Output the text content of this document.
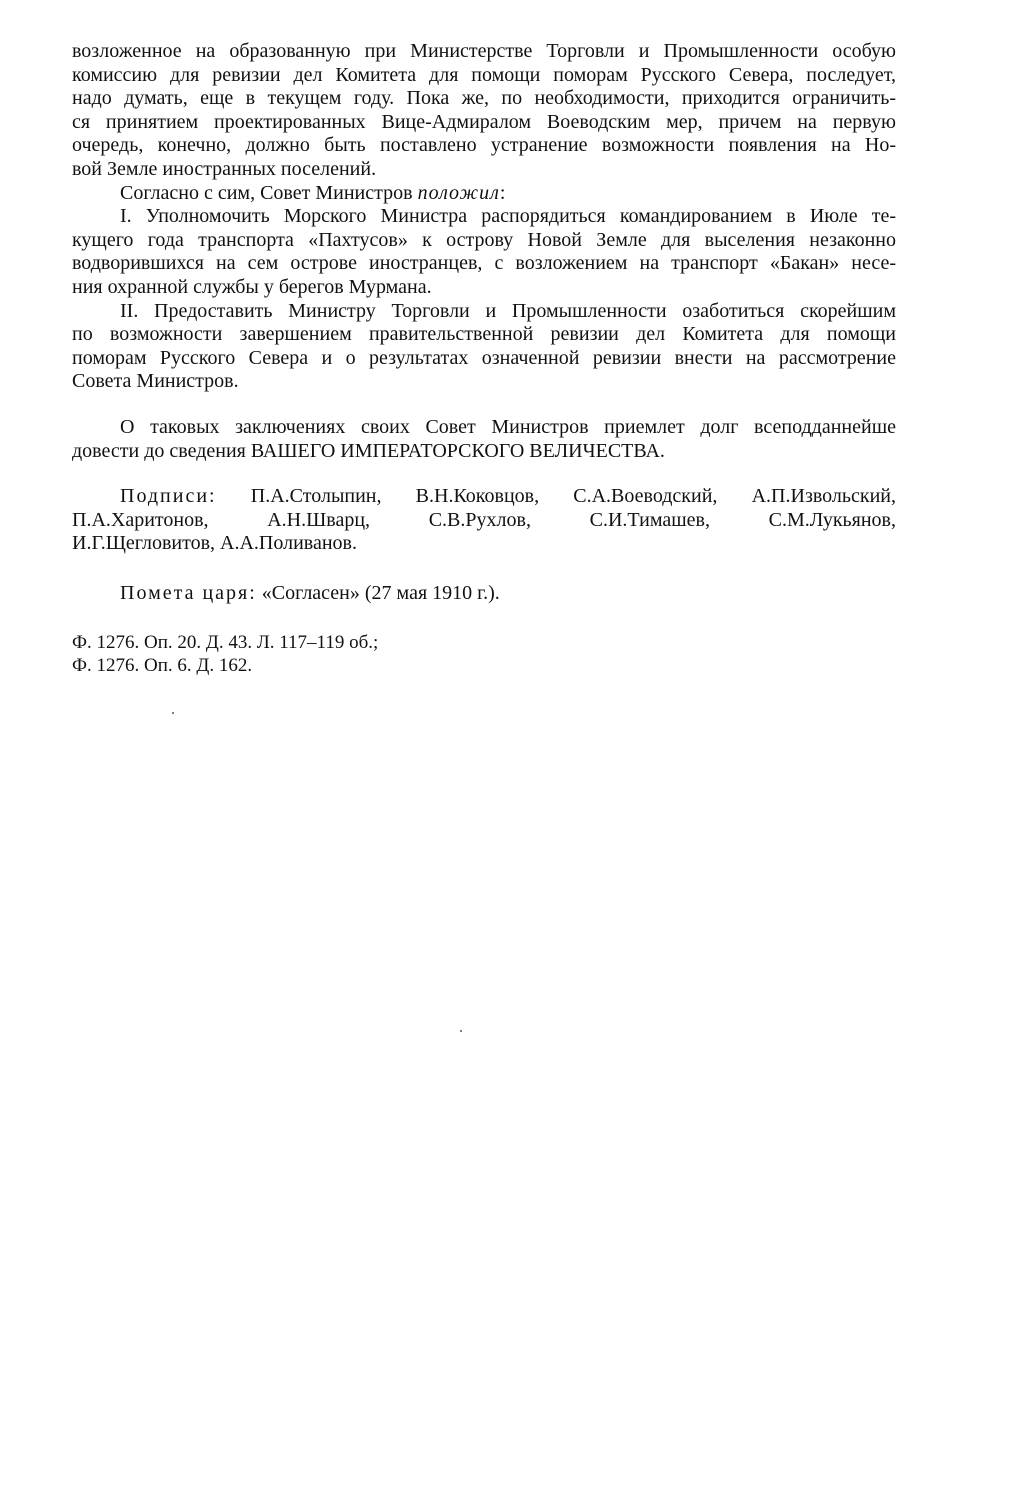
возложенное на образованную при Министерстве Торговли и Промышленности особую
комиссию для ревизии дел Комитета для помощи поморам Русского Севера, последует,
надо думать, еще в текущем году. Пока же, по необходимости, приходится ограничить-
ся принятием проектированных Вице-Адмиралом Воеводским мер, причем на первую
очередь, конечно, должно быть поставлено устранение возможности появления на Но-
вой Земле иностранных поселений.
Согласно с сим, Совет Министров положил:
I. Уполномочить Морского Министра распорядиться командированием в Июле те-
кущего года транспорта «Пахтусов» к острову Новой Земле для выселения незаконно
водворившихся на сем острове иностранцев, с возложением на транспорт «Бакан» несе-
ния охранной службы у берегов Мурмана.
II. Предоставить Министру Торговли и Промышленности озаботиться скорейшим
по возможности завершением правительственной ревизии дел Комитета для помощи
поморам Русского Севера и о результатах означенной ревизии внести на рассмотрение
Совета Министров.
О таковых заключениях своих Совет Министров приемлет долг всеподданнейше
довести до сведения ВАШЕГО ИМПЕРАТОРСКОГО ВЕЛИЧЕСТВА.
Подписи: П.А.Столыпин, В.Н.Коковцов, С.А.Воеводский, А.П.Извольский,
П.А.Харитонов, А.Н.Шварц, С.В.Рухлов, С.И.Тимашев, С.М.Лукьянов,
И.Г.Щегловитов, А.А.Поливанов.
Помета царя: «Согласен» (27 мая 1910 г.).
Ф. 1276. Оп. 20. Д. 43. Л. 117–119 об.;
Ф. 1276. Оп. 6. Д. 162.
